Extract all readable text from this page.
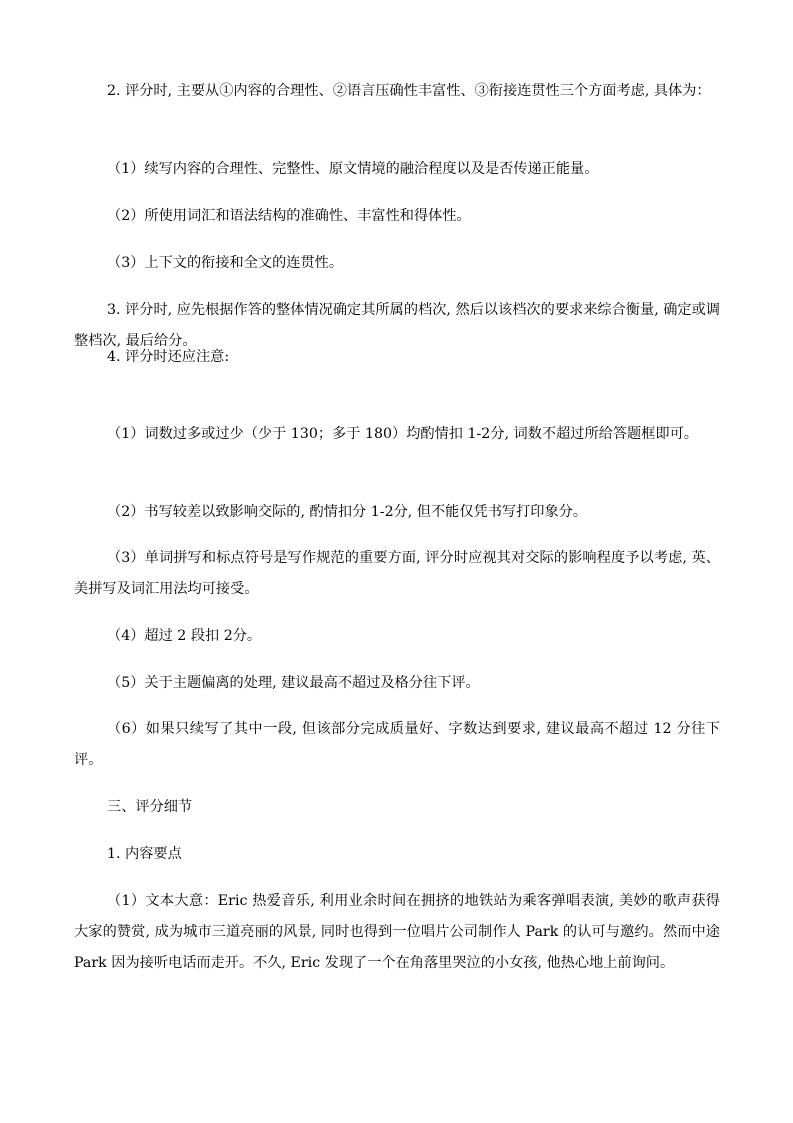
2. 评分时, 主要从①内容的合理性、②语言压确性丰富性、③衔接连贯性三个方面考虑, 具体为：

（1）续写内容的合理性、完整性、原文情境的融洽程度以及是否传递正能量。

（2）所使用词汇和语法结构的准确性、丰富性和得体性。

（3）上下文的衔接和全文的连贯性。

3. 评分时, 应先根据作答的整体情况确定其所属的档次, 然后以该档次的要求来综合衡量, 确定或调整档次, 最后给分。

4. 评分时还应注意:

（1）词数过多或过少（少于 130；多于 180）均酌情扣 1-2分, 词数不超过所给答题框即可。

（2）书写较差以致影响交际的, 酌情扣分 1-2分, 但不能仅凭书写打印象分。

（3）单词拼写和标点符号是写作规范的重要方面, 评分时应视其对交际的影响程度予以考虑, 英、美拼写及词汇用法均可接受。

（4）超过 2 段扣 2分。

（5）关于主题偏离的处理, 建议最高不超过及格分往下评。

（6）如果只续写了其中一段, 但该部分完成质量好、字数达到要求, 建议最高不超过 12 分往下评。

三、评分细节

1. 内容要点

（1）文本大意：Eric 热爱音乐, 利用业余时间在拥挤的地铁站为乘客弹唱表演, 美妙的歌声获得大家的赞赏, 成为城市三道亮丽的风景, 同时也得到一位唱片公司制作人 Park 的认可与邀约。然而中途 Park 因为接听电话而走开。不久, Eric 发现了一个在角落里哭泣的小女孩, 他热心地上前询问。
